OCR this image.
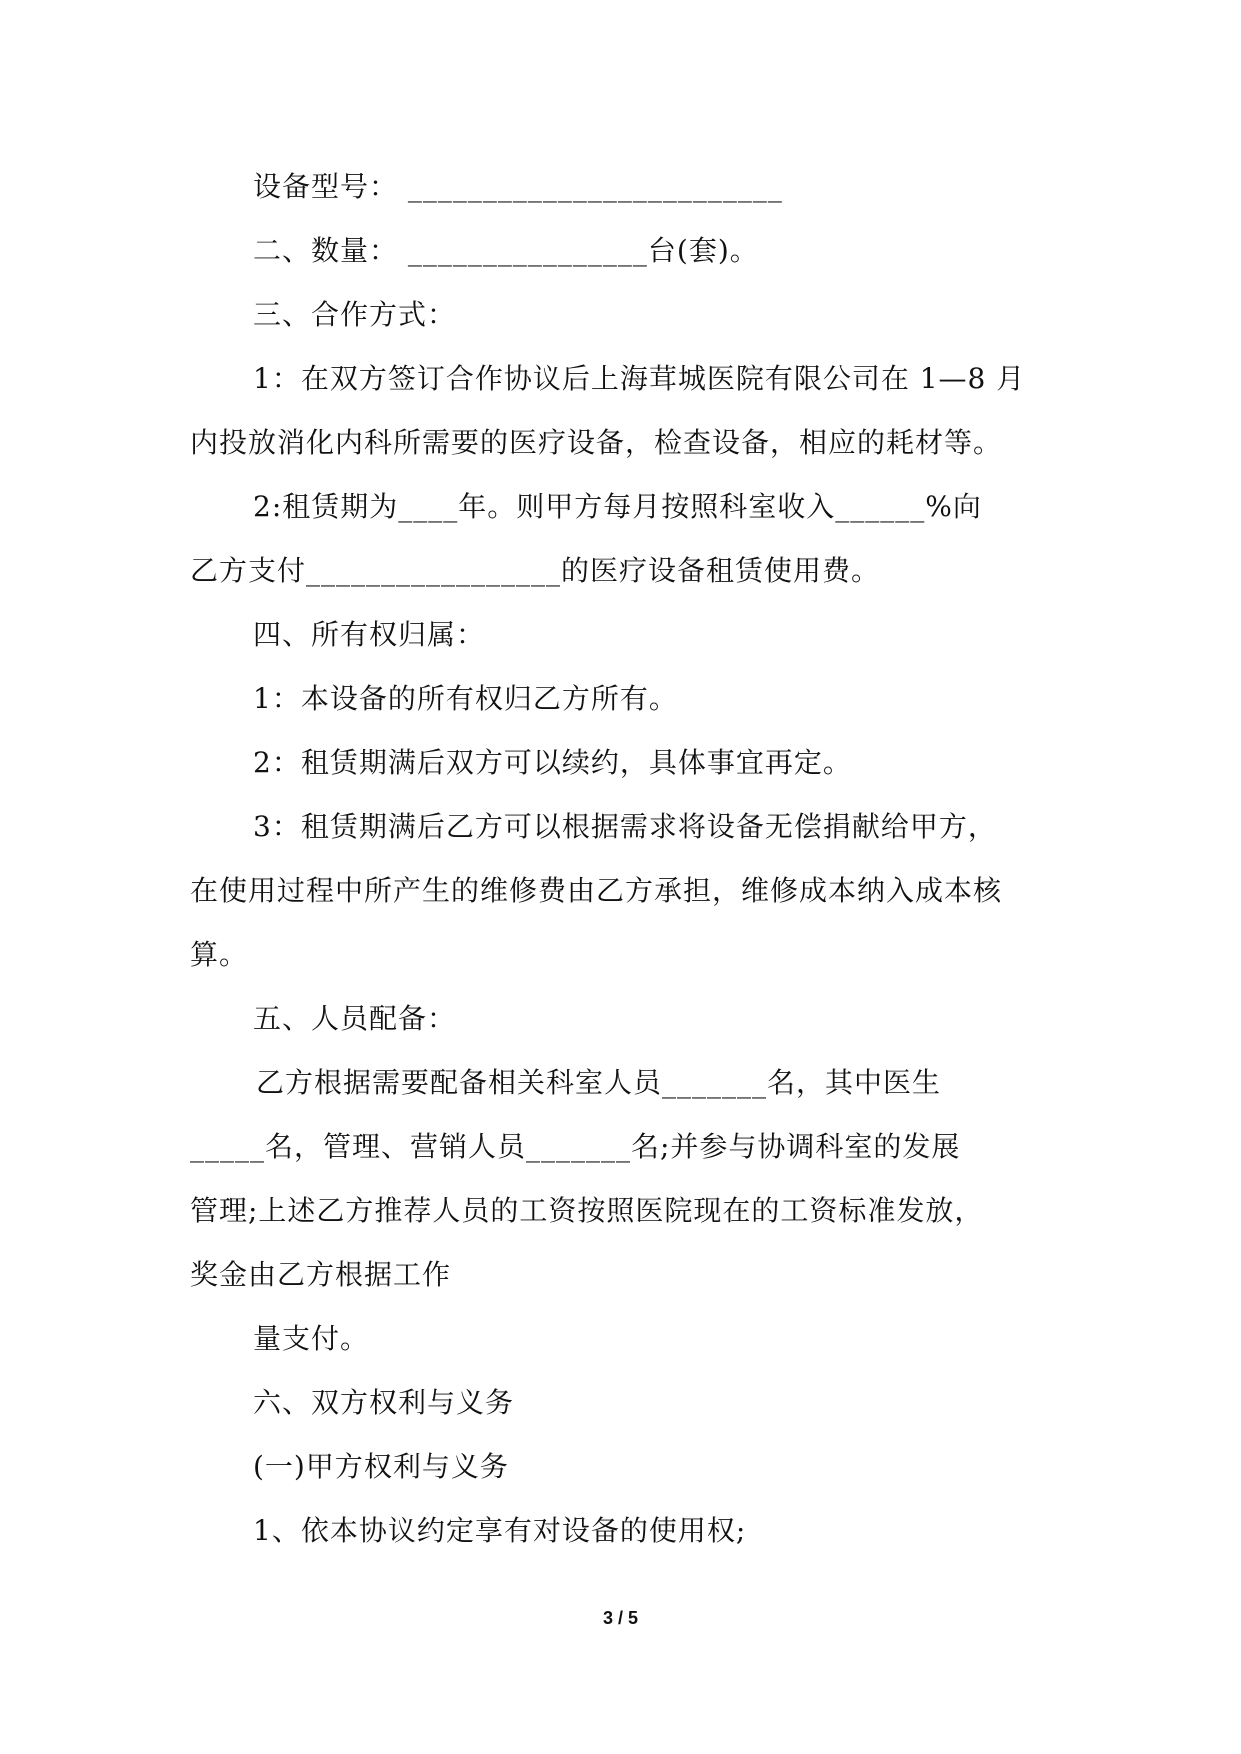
设备型号： _________________________
二、数量： ________________台(套)。
三、合作方式：
1：在双方签订合作协议后上海茸城医院有限公司在 1—8 月
内投放消化内科所需要的医疗设备，检查设备，相应的耗材等。
2:租赁期为____年。则甲方每月按照科室收入______%向
乙方支付_________________的医疗设备租赁使用费。
四、所有权归属：
1：本设备的所有权归乙方所有。
2：租赁期满后双方可以续约，具体事宜再定。
3：租赁期满后乙方可以根据需求将设备无偿捐献给甲方，
在使用过程中所产生的维修费由乙方承担，维修成本纳入成本核
算。
五、人员配备：
乙方根据需要配备相关科室人员_______名，其中医生
_____名，管理、营销人员_______名;并参与协调科室的发展
管理;上述乙方推荐人员的工资按照医院现在的工资标准发放，
奖金由乙方根据工作
量支付。
六、双方权利与义务
(一)甲方权利与义务
1、依本协议约定享有对设备的使用权;
3 / 5
